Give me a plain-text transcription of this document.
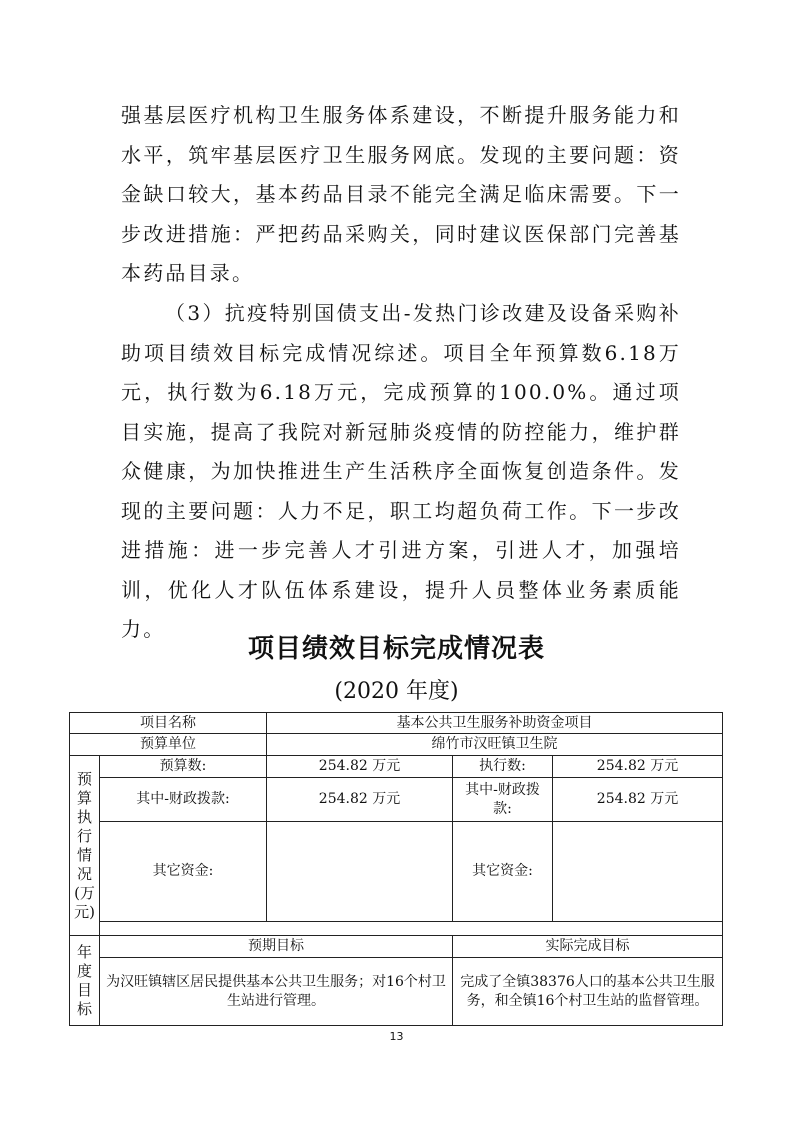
强基层医疗机构卫生服务体系建设，不断提升服务能力和水平，筑牢基层医疗卫生服务网底。发现的主要问题：资金缺口较大，基本药品目录不能完全满足临床需要。下一步改进措施：严把药品采购关，同时建议医保部门完善基本药品目录。

（3）抗疫特别国债支出-发热门诊改建及设备采购补助项目绩效目标完成情况综述。项目全年预算数6.18万元，执行数为6.18万元，完成预算的100.0%。通过项目实施，提高了我院对新冠肺炎疫情的防控能力，维护群众健康，为加快推进生产生活秩序全面恢复创造条件。发现的主要问题：人力不足，职工均超负荷工作。下一步改进措施：进一步完善人才引进方案，引进人才，加强培训，优化人才队伍体系建设，提升人员整体业务素质能力。

项目绩效目标完成情况表
(2020 年度)
项目名称		基本公共卫生服务补助资金项目		
预算单位		绵竹市汉旺镇卫生院		
预算执行情况(万元)	预算数:	254.82 万元	执行数:	254.82 万元
	其中-财政拨款:	254.82 万元	其中-财政拨款:	254.82 万元
	其它资金:		其它资金:	

年度目标	预期目标		实际完成目标	
	为汉旺镇辖区居民提供基本公共卫生服务；对16个村卫生站进行管理。		完成了全镇38376人口的基本公共卫生服务，和全镇16个村卫生站的监督管理。	
13
